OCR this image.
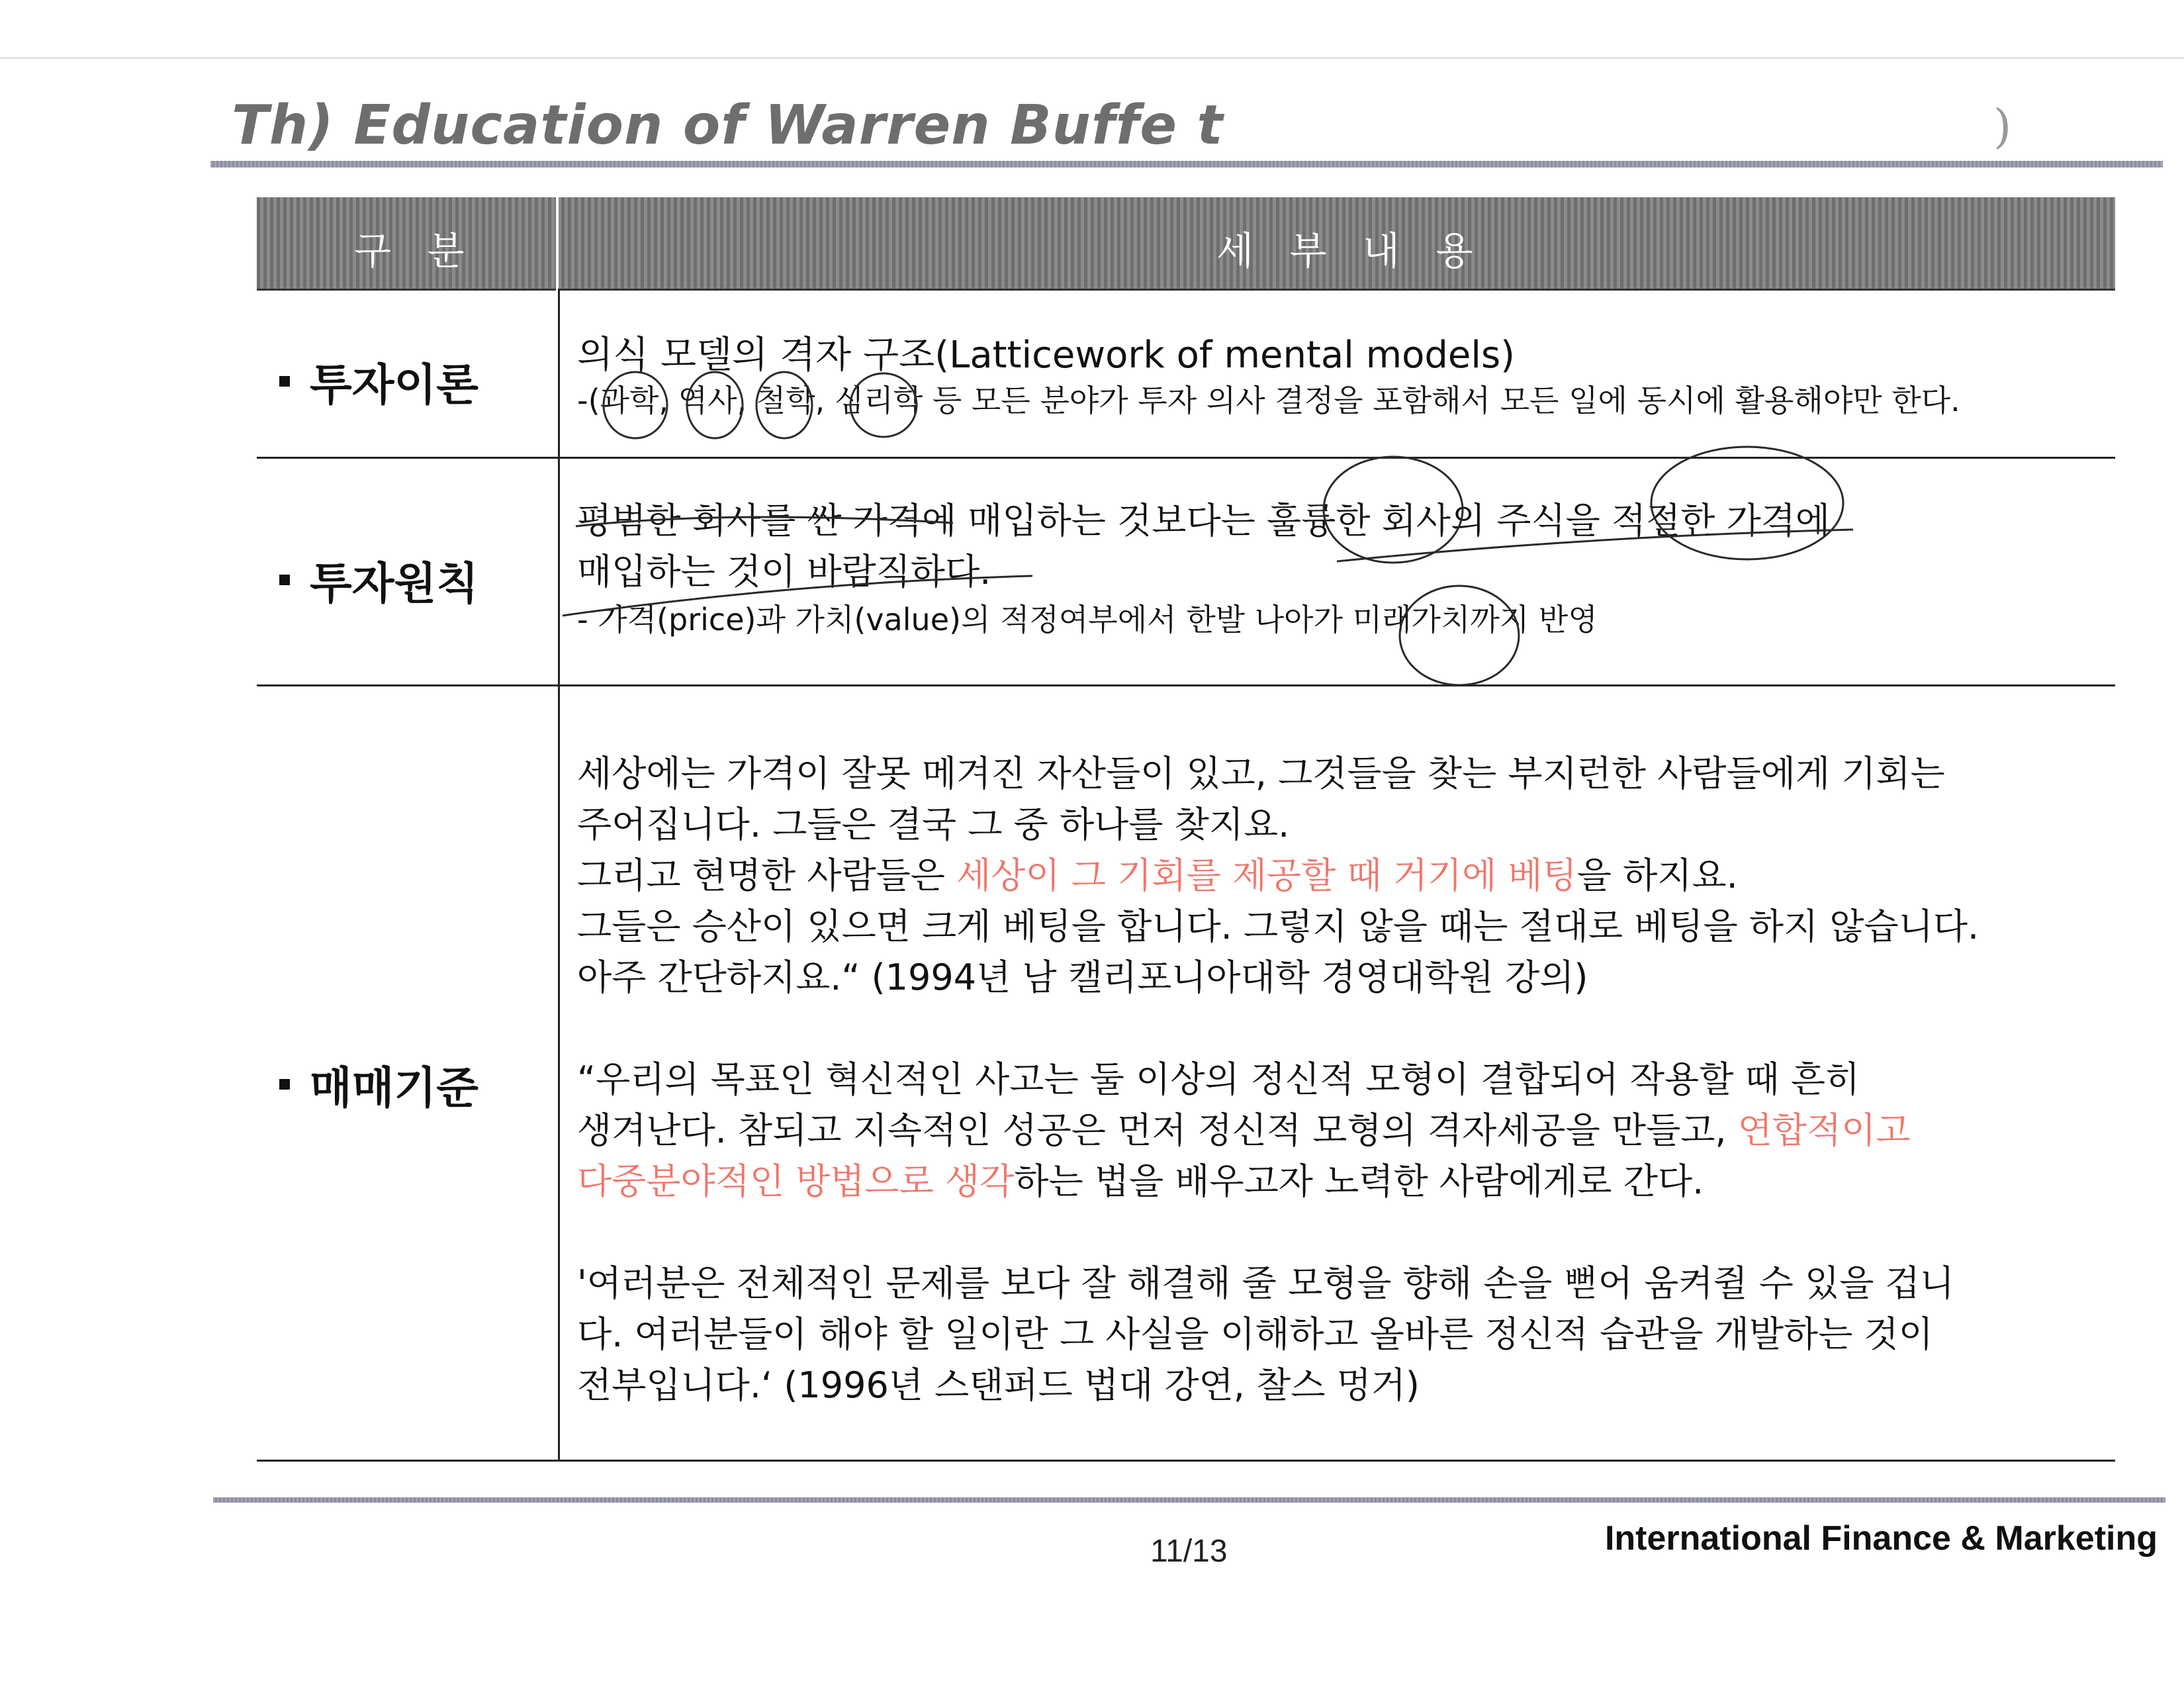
Th) Education of Warren Buffe t	)
구 분	세 부 내 용
투자이론
의식 모델의 격자 구조(Latticework of mental models)
-(과학, 역사, 철학, 심리학 등 모든 분야가 투자 의사 결정을 포함해서 모든 일에 동시에 활용해야만 한다.
투자원칙
평범한 회사를 싼 가격에 매입하는 것보다는 훌륭한 회사의 주식을 적절한 가격에
매입하는 것이 바람직하다.
- 가격(price)과 가치(value)의 적정여부에서 한발 나아가 미래가치까지 반영
매매기준
세상에는 가격이 잘못 메겨진 자산들이 있고, 그것들을 찾는 부지런한 사람들에게 기회는
주어집니다. 그들은 결국 그 중 하나를 찾지요.
그리고 현명한 사람들은 세상이 그 기회를 제공할 때 거기에 베팅을 하지요.
그들은 승산이 있으면 크게 베팅을 합니다. 그렇지 않을 때는 절대로 베팅을 하지 않습니다.
아주 간단하지요.“ (1994년 남 캘리포니아대학 경영대학원 강의)
“우리의 목표인 혁신적인 사고는 둘 이상의 정신적 모형이 결합되어 작용할 때 흔히
생겨난다. 참되고 지속적인 성공은 먼저 정신적 모형의 격자세공을 만들고, 연합적이고
다중분야적인 방법으로 생각하는 법을 배우고자 노력한 사람에게로 간다.
'여러분은 전체적인 문제를 보다 잘 해결해 줄 모형을 향해 손을 뻗어 움켜쥘 수 있을 겁니
다. 여러분들이 해야 할 일이란 그 사실을 이해하고 올바른 정신적 습관을 개발하는 것이
전부입니다.‘ (1996년 스탠퍼드 법대 강연, 찰스 멍거)
11/13	International Finance & Marketing
